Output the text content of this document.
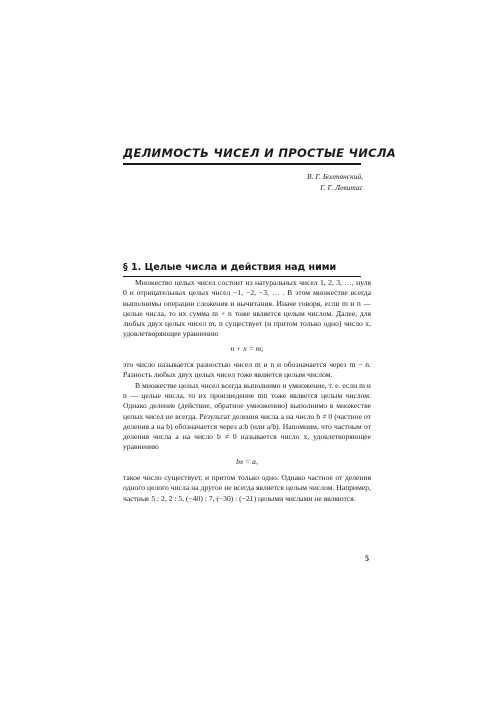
ДЕЛИМОСТЬ ЧИСЕЛ И ПРОСТЫЕ ЧИСЛА
В. Г. Болтянский,
Г. Г. Левитас
§ 1. Целые числа и действия над ними

Множество целых чисел состоит из натуральных чисел 1, 2, 3, …, нуля 0 и отрицательных целых чисел −1, −2, −3, … . В этом множестве всегда выполнимы операции сложения и вычитания. Иначе говоря, если m и n — целые числа, то их сумма m + n тоже является целым числом. Далее, для любых двух целых чисел m, n существует (и притом только одно) число x, удовлетворяющее уравнению

n + x = m;

это число называется разностью чисел m и n и обозначается через m − n. Разность любых двух целых чисел тоже является целым числом.

В множестве целых чисел всегда выполнимо и умножение, т. е. если m и n — целые числа, то их произведение mn тоже является целым числом. Однако деление (действие, обратное умножению) выполнимо в множестве целых чисел не всегда. Результат деления числа a на число b ≠ 0 (частное от деления a на b) обозначается через a:b (или a/b). Напомним, что частным от деления числа a на число b ≠ 0 называется число x, удовлетворяющее уравнению

bx = a,

такое число существует, и притом только одно. Однако частное от деления одного целого числа на другое не всегда является целым числом. Например, частные 5 : 2, 2 : 5, (−40) : 7, (−30) : (−21) целыми числами не являются.

5
